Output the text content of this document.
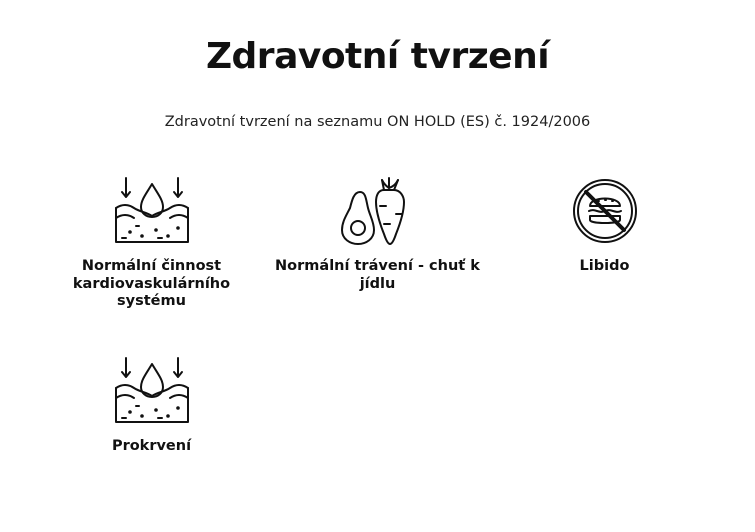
Zdravotní tvrzení

Zdravotní tvrzení na seznamu ON HOLD (ES) č. 1924/2006

Normální činnost kardiovaskulárního systému
Normální trávení - chuť k jídlu
Libido
Prokrvení
